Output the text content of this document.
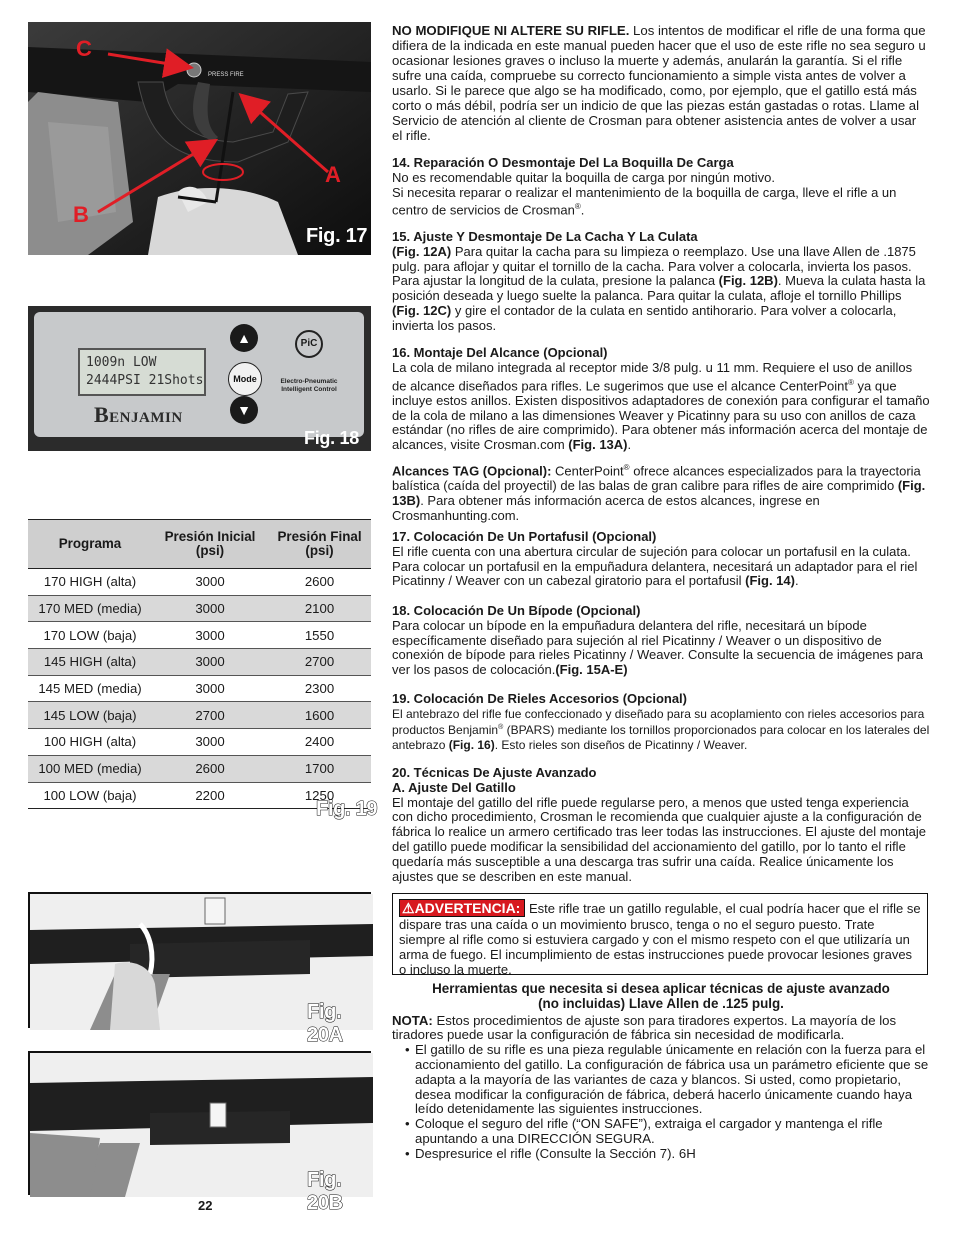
PRESS FIRE
C
A
B
Fig. 17
1009n LOW
2444PSI 21Shots
Benjamin
▲
Mode
▼
PiC
Electro-Pneumatic
Intelligent Control
Fig. 18
Programa	Presión Inicial (psi)	Presión Final (psi)
170 HIGH (alta)	3000	2600
170 MED (media)	3000	2100
170 LOW (baja)	3000	1550
145 HIGH (alta)	3000	2700
145 MED (media)	3000	2300
145 LOW (baja)	2700	1600
100 HIGH (alta)	3000	2400
100 MED (media)	2600	1700
100 LOW (baja)	2200	1250
Fig. 19
Fig. 20A
Fig. 20B
22

NO MODIFIQUE NI ALTERE SU RIFLE. Los intentos de modificar el rifle de una forma que difiera de la indicada en este manual pueden hacer que el uso de este rifle no sea seguro u ocasionar lesiones graves o incluso la muerte y además, anularán la garantía. Si el rifle sufre una caída, compruebe su correcto funcionamiento a simple vista antes de volver a usarlo. Si le parece que algo se ha modificado, como, por ejemplo, que el gatillo está más corto o más débil, podría ser un indicio de que las piezas están gastadas o rotas. Llame al Servicio de atención al cliente de Crosman para obtener asistencia antes de volver a usar el rifle.

14. Reparación O Desmontaje Del La Boquilla De Carga

No es recomendable quitar la boquilla de carga por ningún motivo.

Si necesita reparar o realizar el mantenimiento de la boquilla de carga, lleve el rifle a un centro de servicios de Crosman®.

15. Ajuste Y Desmontaje De La Cacha Y La Culata

(Fig. 12A) Para quitar la cacha para su limpieza o reemplazo. Use una llave Allen de .1875 pulg. para aflojar y quitar el tornillo de la cacha. Para volver a colocarla, invierta los pasos. Para ajustar la longitud de la culata, presione la palanca (Fig. 12B). Mueva la culata hasta la posición deseada y luego suelte la palanca. Para quitar la culata, afloje el tornillo Phillips (Fig. 12C) y gire el contador de la culata en sentido antihorario. Para volver a colocarla, invierta los pasos.

16. Montaje Del Alcance (Opcional)

La cola de milano integrada al receptor mide 3/8 pulg. u 11 mm. Requiere el uso de anillos de alcance diseñados para rifles. Le sugerimos que use el alcance CenterPoint® ya que incluye estos anillos. Existen dispositivos adaptadores de conexión para configurar el tamaño de la cola de milano a las dimensiones Weaver y Picatinny para su uso con anillos de caza estándar (no rifles de aire comprimido). Para obtener más información acerca del montaje de alcances, visite Crosman.com (Fig. 13A).

Alcances TAG (Opcional): CenterPoint® ofrece alcances especializados para la trayectoria balística (caída del proyectil) de las balas de gran calibre para rifles de aire comprimido (Fig. 13B). Para obtener más información acerca de estos alcances, ingrese en Crosmanhunting.com.

17. Colocación De Un Portafusil (Opcional)

El rifle cuenta con una abertura circular de sujeción para colocar un portafusil en la culata. Para colocar un portafusil en la empuñadura delantera, necesitará un adaptador para el riel Picatinny / Weaver con un cabezal giratorio para el portafusil (Fig. 14).

18. Colocación De Un Bípode (Opcional)

Para colocar un bípode en la empuñadura delantera del rifle, necesitará un bípode específicamente diseñado para sujeción al riel Picatinny / Weaver o un dispositivo de conexión de bípode para rieles Picatinny / Weaver. Consulte la secuencia de imágenes para ver los pasos de colocación.(Fig. 15A-E)

19. Colocación De Rieles Accesorios (Opcional)

El antebrazo del rifle fue confeccionado y diseñado para su acoplamiento con rieles accesorios para productos Benjamin® (BPARS) mediante los tornillos proporcionados para colocar en los laterales del antebrazo (Fig. 16). Esto rieles son diseños de Picatinny / Weaver.

20. Técnicas De Ajuste Avanzado

A. Ajuste Del Gatillo

El montaje del gatillo del rifle puede regularse pero, a menos que usted tenga experiencia con dicho procedimiento, Crosman le recomienda que cualquier ajuste a la configuración de fábrica lo realice un armero certificado tras leer todas las instrucciones. El ajuste del montaje del gatillo puede modificar la sensibilidad del accionamiento del gatillo, por lo tanto el rifle quedaría más susceptible a una descarga tras sufrir una caída. Realice únicamente los ajustes que se describen en este manual.

⚠ADVERTENCIA: Este rifle trae un gatillo regulable, el cual podría hacer que el rifle se dispare tras una caída o un movimiento brusco, tenga o no el seguro puesto. Trate siempre al rifle como si estuviera cargado y con el mismo respeto con el que utilizaría un arma de fuego. El incumplimiento de estas instrucciones puede provocar lesiones graves o incluso la muerte.

Herramientas que necesita si desea aplicar técnicas de ajuste avanzado (no incluidas) Llave Allen de .125 pulg.

NOTA: Estos procedimientos de ajuste son para tiradores expertos. La mayoría de los tiradores puede usar la configuración de fábrica sin necesidad de modificarla.

• El gatillo de su rifle es una pieza regulable únicamente en relación con la fuerza para el accionamiento del gatillo. La configuración de fábrica usa un parámetro eficiente que se adapta a la mayoría de las variantes de caza y blancos. Si usted, como propietario, desea modificar la configuración de fábrica, deberá hacerlo únicamente cuando haya leído detenidamente las siguientes instrucciones.

• Coloque el seguro del rifle (“ON SAFE”), extraiga el cargador y mantenga el rifle apuntando a una DIRECCIÓN SEGURA.

• Despresurice el rifle (Consulte la Sección 7). 6H
